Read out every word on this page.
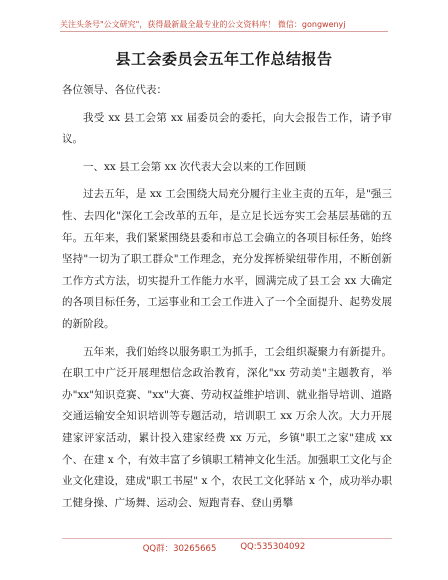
关注头条号"公文研究"，获得最新最全最专业的公文资料库！ 微信：gongwenyj
县工会委员会五年工作总结报告

各位领导、各位代表：

我受 xx 县工会第 xx 届委员会的委托，向大会报告工作，请予审议。

一、xx 县工会第 xx 次代表大会以来的工作回顾

过去五年，是 xx 工会围绕大局充分履行主业主责的五年，是"强三性、去四化"深化工会改革的五年，是立足长远夯实工会基层基础的五年。五年来，我们紧紧围绕县委和市总工会确立的各项目标任务，始终坚持"一切为了职工群众"工作理念，充分发挥桥梁纽带作用，不断创新工作方式方法，切实提升工作能力水平，圆满完成了县工会 xx 大确定的各项目标任务，工运事业和工会工作进入了一个全面提升、起势发展的新阶段。

五年来，我们始终以服务职工为抓手，工会组织凝聚力有新提升。在职工中广泛开展理想信念政治教育，深化"xx 劳动美"主题教育，举办"xx"知识竞赛、"xx"大赛、劳动权益维护培训、就业指导培训、道路交通运输安全知识培训等专题活动，培训职工 xx 万余人次。大力开展建家评家活动，累计投入建家经费 xx 万元，乡镇"职工之家"建成 xx 个、在建 x 个，有效丰富了乡镇职工精神文化生活。加强职工文化与企业文化建设，建成"职工书屋" x 个，农民工文化驿站 x 个，成功举办职工健身操、广场舞、运动会、短跑青春、登山勇攀

QQ群：30265665	QQ:535304092
